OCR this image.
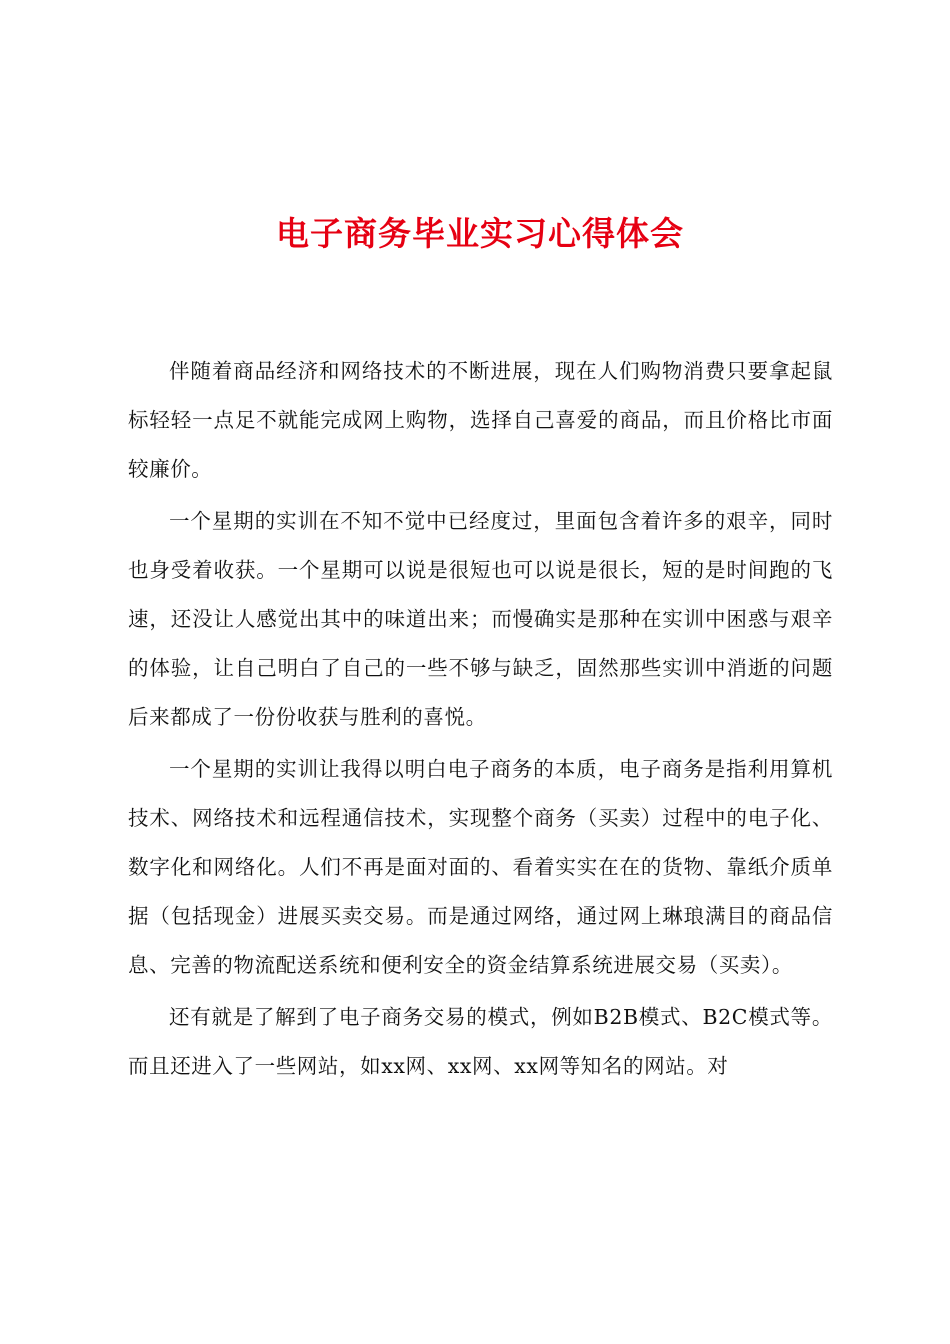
电子商务毕业实习心得体会

伴随着商品经济和网络技术的不断进展，现在人们购物消费只要拿起鼠标轻轻一点足不就能完成网上购物，选择自己喜爱的商品，而且价格比市面较廉价。

一个星期的实训在不知不觉中已经度过，里面包含着许多的艰辛，同时也身受着收获。一个星期可以说是很短也可以说是很长，短的是时间跑的飞速，还没让人感觉出其中的味道出来；而慢确实是那种在实训中困惑与艰辛的体验，让自己明白了自己的一些不够与缺乏，固然那些实训中消逝的问题后来都成了一份份收获与胜利的喜悦。

一个星期的实训让我得以明白电子商务的本质，电子商务是指利用算机技术、网络技术和远程通信技术，实现整个商务（买卖）过程中的电子化、数字化和网络化。人们不再是面对面的、看着实实在在的货物、靠纸介质单据（包括现金）进展买卖交易。而是通过网络，通过网上琳琅满目的商品信息、完善的物流配送系统和便利安全的资金结算系统进展交易（买卖）。

还有就是了解到了电子商务交易的模式，例如B2B模式、B2C模式等。而且还进入了一些网站，如xx网、xx网、xx网等知名的网站。对
